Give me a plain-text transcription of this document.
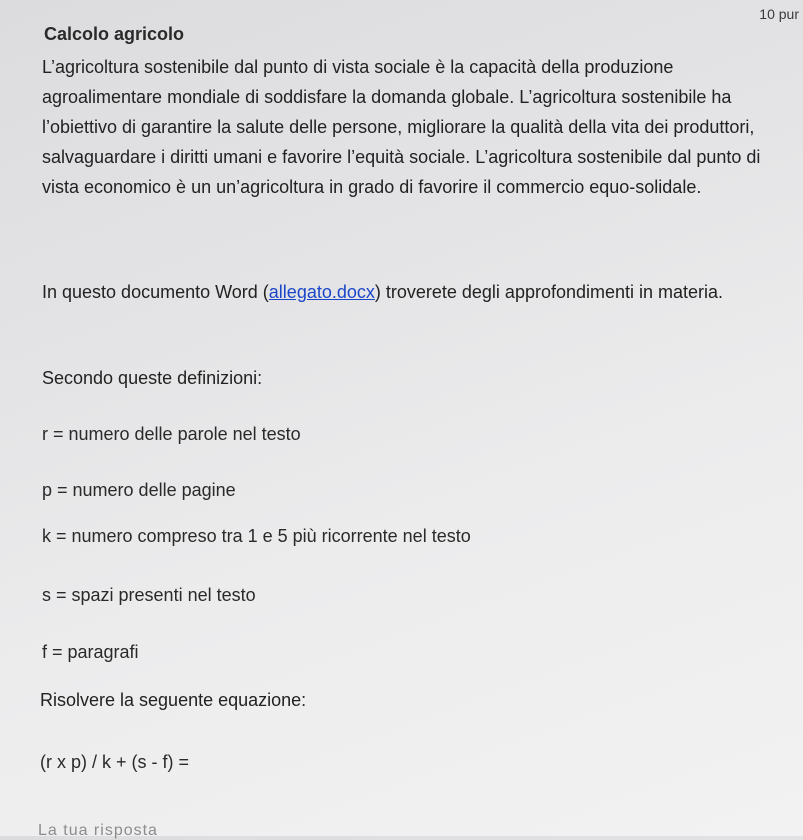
10 pur
Calcolo agricolo

L’agricoltura sostenibile dal punto di vista sociale è la capacità della produzione agroalimentare mondiale di soddisfare la domanda globale. L’agricoltura sostenibile ha l’obiettivo di garantire la salute delle persone, migliorare la qualità della vita dei produttori, salvaguardare i diritti umani e favorire l’equità sociale. L’agricoltura sostenibile dal punto di vista economico è un un’agricoltura in grado di favorire il commercio equo-solidale.

In questo documento Word (allegato.docx) troverete degli approfondimenti in materia.

Secondo queste definizioni:
r = numero delle parole nel testo
p = numero delle pagine
k = numero compreso tra 1 e 5 più ricorrente nel testo
s = spazi presenti nel testo
f = paragrafi
Risolvere la seguente equazione:
(r x p) / k + (s - f) =
La tua risposta
